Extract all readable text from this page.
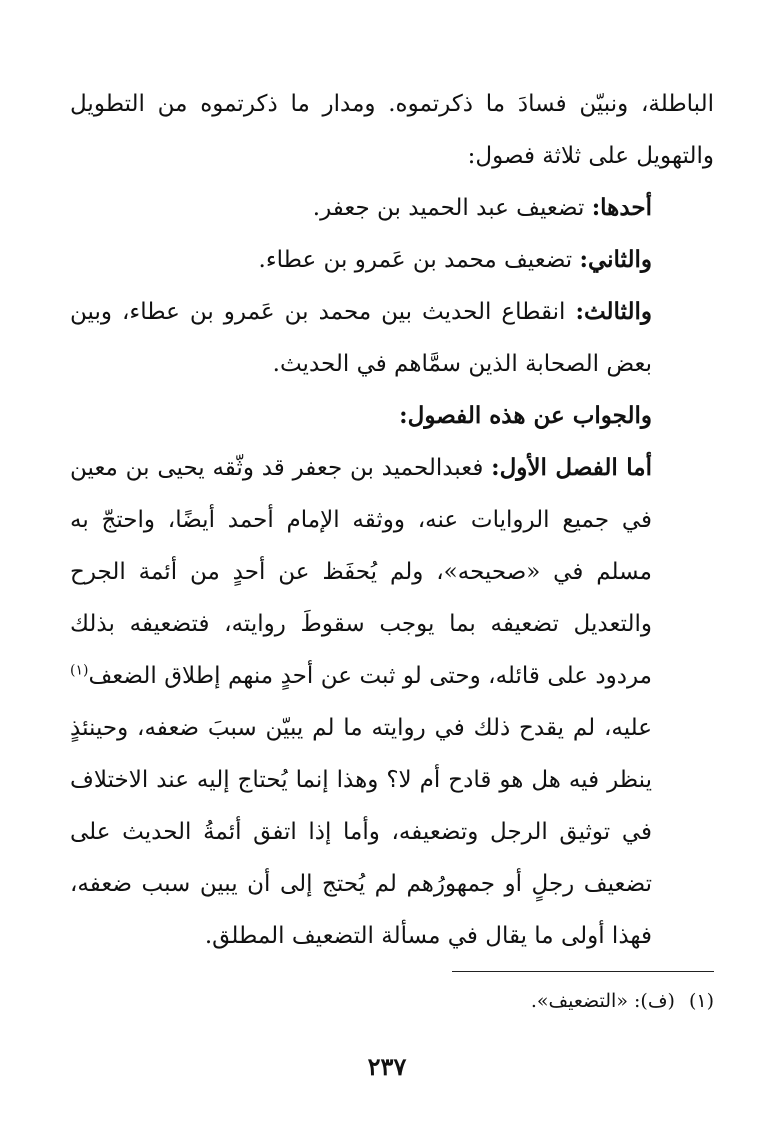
الباطلة، ونبيّن فسادَ ما ذكرتموه. ومدار ما ذكرتموه من التطويل والتهويل على ثلاثة فصول:

أحدها: تضعيف عبد الحميد بن جعفر.

والثاني: تضعيف محمد بن عَمرو بن عطاء.

والثالث: انقطاع الحديث بين محمد بن عَمرو بن عطاء، وبين بعض الصحابة الذين سمَّاهم في الحديث.

والجواب عن هذه الفصول:

أما الفصل الأول: فعبدالحميد بن جعفر قد وثّقه يحيى بن معين في جميع الروايات عنه، ووثقه الإمام أحمد أيضًا، واحتجّ به مسلم في «صحيحه»، ولم يُحفَظ عن أحدٍ من أئمة الجرح والتعديل تضعيفه بما يوجب سقوطَ روايته، فتضعيفه بذلك مردود على قائله، وحتى لو ثبت عن أحدٍ منهم إطلاق الضعف$^{(١)}$ عليه، لم يقدح ذلك في روايته ما لم يبيّن سببَ ضعفه، وحينئذٍ ينظر فيه هل هو قادح أم لا؟ وهذا إنما يُحتاج إليه عند الاختلاف في توثيق الرجل وتضعيفه، وأما إذا اتفق أئمةُ الحديث على تضعيف رجلٍ أو جمهورُهم لم يُحتج إلى أن يبين سبب ضعفه، فهذا أولى ما يقال في مسألة التضعيف المطلق.

(١)(ف): «التضعيف».
٢٣٧
